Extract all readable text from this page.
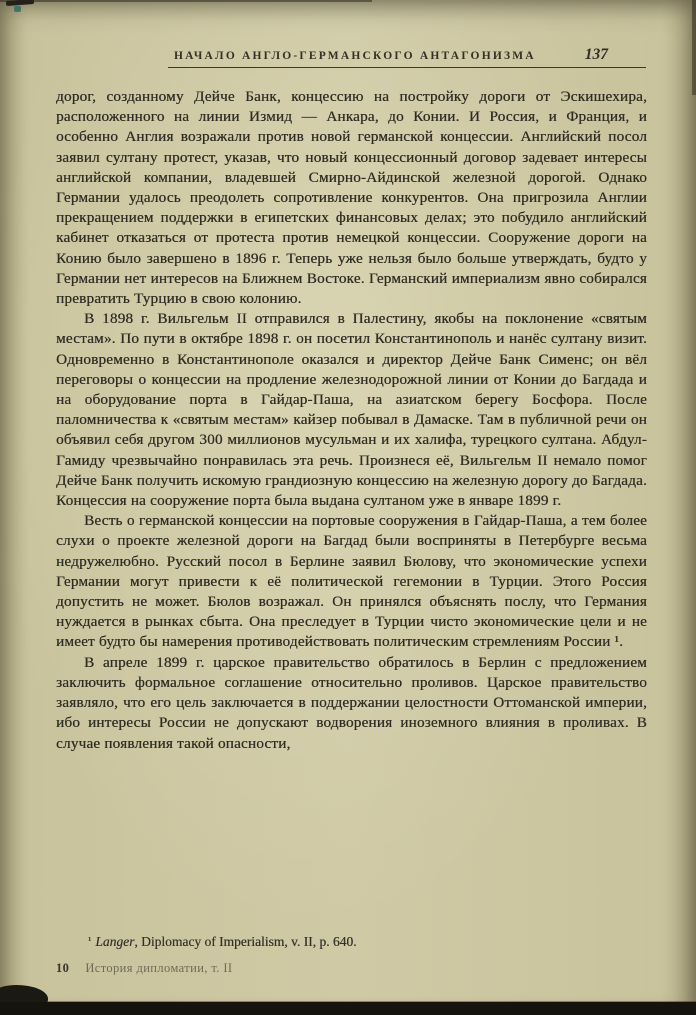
НАЧАЛО АНГЛО-ГЕРМАНСКОГО АНТАГОНИЗМА	137

дорог, созданному Дейче Банк, концессию на постройку дороги от Эскишехира, расположенного на линии Измид — Анкара, до Конии. И Россия, и Франция, и особенно Англия возражали против новой германской концессии. Английский посол заявил султану протест, указав, что новый концессионный договор задевает интересы английской компании, владевшей Смирно-Айдинской железной дорогой. Однако Германии удалось преодолеть сопротивление конкурентов. Она пригрозила Англии прекращением поддержки в египетских финансовых делах; это побудило английский кабинет отказаться от протеста против немецкой концессии. Сооружение дороги на Конию было завершено в 1896 г. Теперь уже нельзя было больше утверждать, будто у Германии нет интересов на Ближнем Востоке. Германский империализм явно собирался превратить Турцию в свою колонию.

В 1898 г. Вильгельм II отправился в Палестину, якобы на поклонение «святым местам». По пути в октябре 1898 г. он посетил Константинополь и нанёс султану визит. Одновременно в Константинополе оказался и директор Дейче Банк Сименс; он вёл переговоры о концессии на продление железнодорожной линии от Конии до Багдада и на оборудование порта в Гайдар-Паша, на азиатском берегу Босфора. После паломничества к «святым местам» кайзер побывал в Дамаске. Там в публичной речи он объявил себя другом 300 миллионов мусульман и их халифа, турецкого султана. Абдул-Гамиду чрезвычайно понравилась эта речь. Произнеся её, Вильгельм II немало помог Дейче Банк получить искомую грандиозную концессию на железную дорогу до Багдада. Концессия на сооружение порта была выдана султаном уже в январе 1899 г.

Весть о германской концессии на портовые сооружения в Гайдар-Паша, а тем более слухи о проекте железной дороги на Багдад были восприняты в Петербурге весьма недружелюбно. Русский посол в Берлине заявил Бюлову, что экономические успехи Германии могут привести к её политической гегемонии в Турции. Этого Россия допустить не может. Бюлов возражал. Он принялся объяснять послу, что Германия нуждается в рынках сбыта. Она преследует в Турции чисто экономические цели и не имеет будто бы намерения противодействовать политическим стремлениям России ¹.

В апреле 1899 г. царское правительство обратилось в Берлин с предложением заключить формальное соглашение относительно проливов. Царское правительство заявляло, что его цель заключается в поддержании целостности Оттоманской империи, ибо интересы России не допускают водворения иноземного влияния в проливах. В случае появления такой опасности,

¹ Langer, Diplomacy of Imperialism, v. II, p. 640.
10 История дипломатии, т. II
